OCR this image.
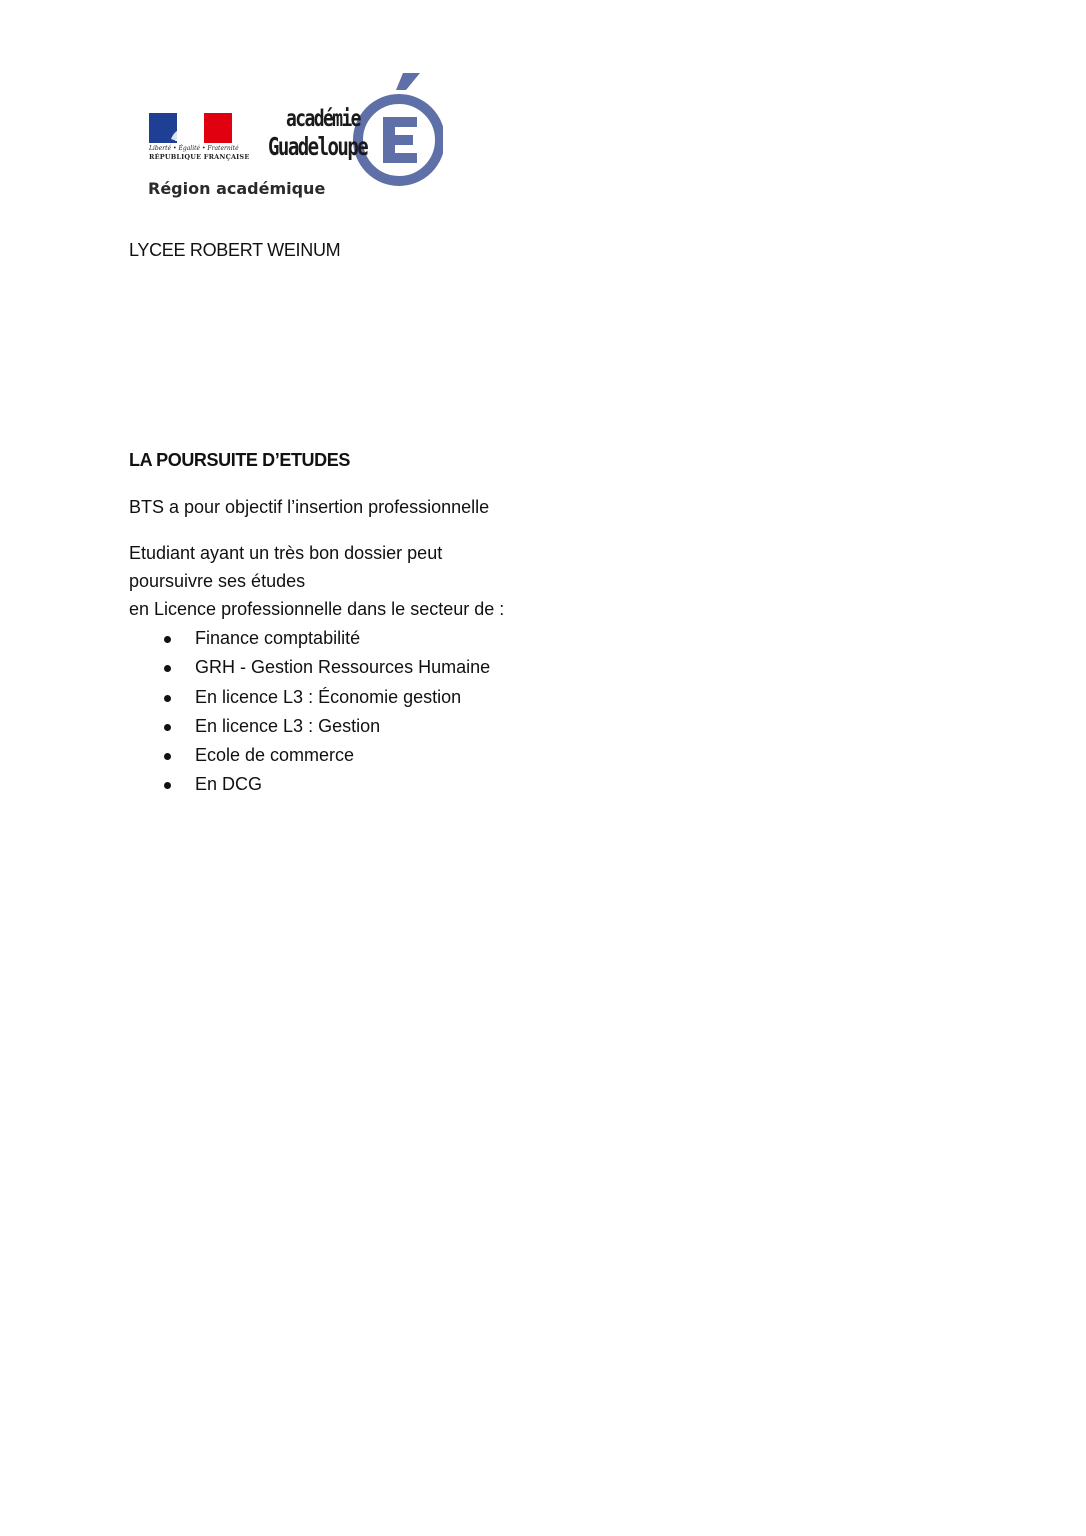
Liberté • Égalité • Fraternité
RÉPUBLIQUE FRANÇAISE
Région académique
académie
Guadeloupe
LYCEE ROBERT WEINUM
LA POURSUITE D’ETUDES
BTS a pour objectif l’insertion professionnelle
Etudiant ayant un très bon dossier peut
poursuivre ses études
en Licence professionnelle dans le secteur de :
Finance comptabilité
GRH - Gestion Ressources Humaine
En licence L3 : Économie gestion
En licence L3 : Gestion
Ecole de commerce
En DCG
